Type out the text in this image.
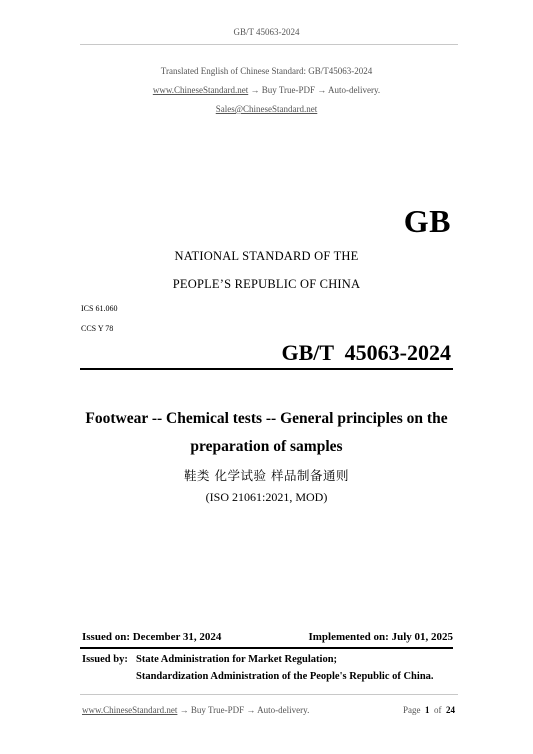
GB/T 45063-2024
Translated English of Chinese Standard: GB/T45063-2024
www.ChineseStandard.net → Buy True-PDF → Auto-delivery.
Sales@ChineseStandard.net
GB
NATIONAL STANDARD OF THE
PEOPLE’S REPUBLIC OF CHINA
ICS 61.060
CCS Y 78
GB/T  45063-2024
Footwear -- Chemical tests -- General principles on the
preparation of samples
鞋类 化学试验 样品制备通则
(ISO 21061:2021, MOD)
Issued on: December 31, 2024	Implemented on: July 01, 2025
Issued by: State Administration for Market Regulation;
Standardization Administration of the People's Republic of China.
www.ChineseStandard.net → Buy True-PDF → Auto-delivery.	Page 1 of 24
